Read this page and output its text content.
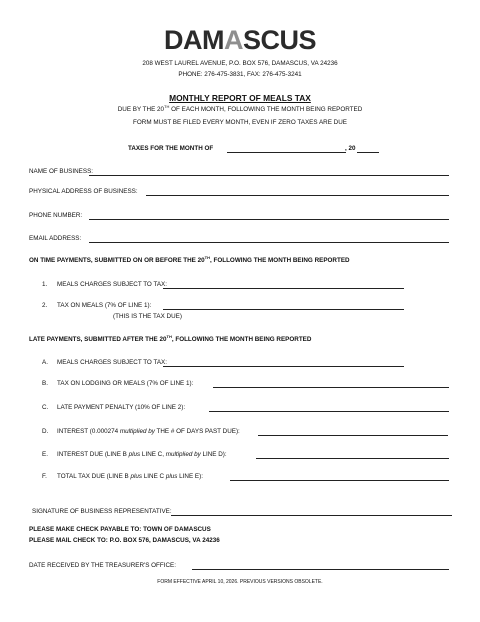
DAMASCUS
208 WEST LAUREL AVENUE, P.O. BOX 576, DAMASCUS, VA 24236
PHONE: 276-475-3831, FAX: 276-475-3241
MONTHLY REPORT OF MEALS TAX
DUE BY THE 20TH OF EACH MONTH, FOLLOWING THE MONTH BEING REPORTED
FORM MUST BE FILED EVERY MONTH, EVEN IF ZERO TAXES ARE DUE
TAXES FOR THE MONTH OF	, 20
NAME OF BUSINESS:
PHYSICAL ADDRESS OF BUSINESS:
PHONE NUMBER:
EMAIL ADDRESS:
ON TIME PAYMENTS, SUBMITTED ON OR BEFORE THE 20TH, FOLLOWING THE MONTH BEING REPORTED
1. MEALS CHARGES SUBJECT TO TAX:
2. TAX ON MEALS (7% OF LINE 1):
(THIS IS THE TAX DUE)
LATE PAYMENTS, SUBMITTED AFTER THE 20TH, FOLLOWING THE MONTH BEING REPORTED
A. MEALS CHARGES SUBJECT TO TAX:
B. TAX ON LODGING OR MEALS (7% OF LINE 1):
C. LATE PAYMENT PENALTY (10% OF LINE 2):
D. INTEREST (0.000274 multiplied by THE # OF DAYS PAST DUE):
E. INTEREST DUE (LINE B plus LINE C, multiplied by LINE D):
F. TOTAL TAX DUE (LINE B plus LINE C plus LINE E):
SIGNATURE OF BUSINESS REPRESENTATIVE:
PLEASE MAKE CHECK PAYABLE TO: TOWN OF DAMASCUS
PLEASE MAIL CHECK TO: P.O. BOX 576, DAMASCUS, VA 24236
DATE RECEIVED BY THE TREASURER'S OFFICE:
FORM EFFECTIVE APRIL 10, 2026. PREVIOUS VERSIONS OBSOLETE.
